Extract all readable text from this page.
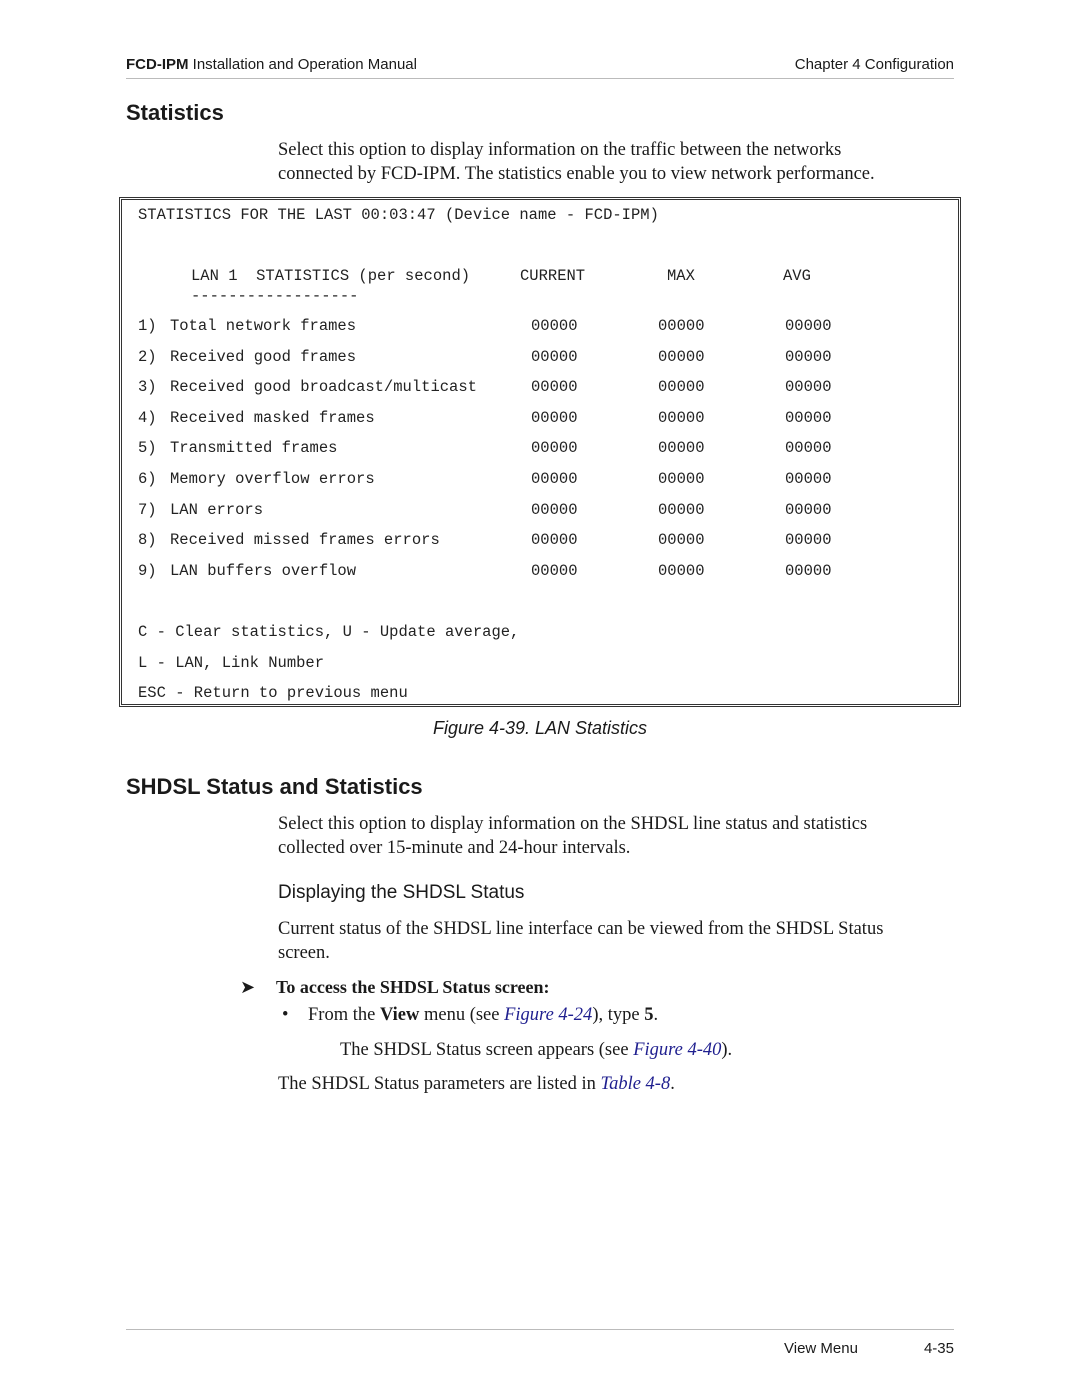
FCD-IPM Installation and Operation Manual	Chapter 4 Configuration
Statistics
Select this option to display information on the traffic between the networks
connected by FCD-IPM. The statistics enable you to view network performance.
STATISTICS FOR THE LAST 00:03:47 (Device name - FCD-IPM)
LAN 1  STATISTICS (per second)	CURRENT	MAX	AVG
------------------
1) Total network frames	00000	00000	00000
2) Received good frames	00000	00000	00000
3) Received good broadcast/multicast	00000	00000	00000
4) Received masked frames	00000	00000	00000
5) Transmitted frames	00000	00000	00000
6) Memory overflow errors	00000	00000	00000
7) LAN errors	00000	00000	00000
8) Received missed frames errors	00000	00000	00000
9) LAN buffers overflow	00000	00000	00000
C - Clear statistics, U - Update average,
L - LAN, Link Number
ESC - Return to previous menu
Figure 4-39. LAN Statistics
SHDSL Status and Statistics
Select this option to display information on the SHDSL line status and statistics
collected over 15-minute and 24-hour intervals.
Displaying the SHDSL Status
Current status of the SHDSL line interface can be viewed from the SHDSL Status
screen.
➤ To access the SHDSL Status screen:
• From the View menu (see Figure 4-24), type 5.
The SHDSL Status screen appears (see Figure 4-40).
The SHDSL Status parameters are listed in Table 4-8.
View Menu	4-35
